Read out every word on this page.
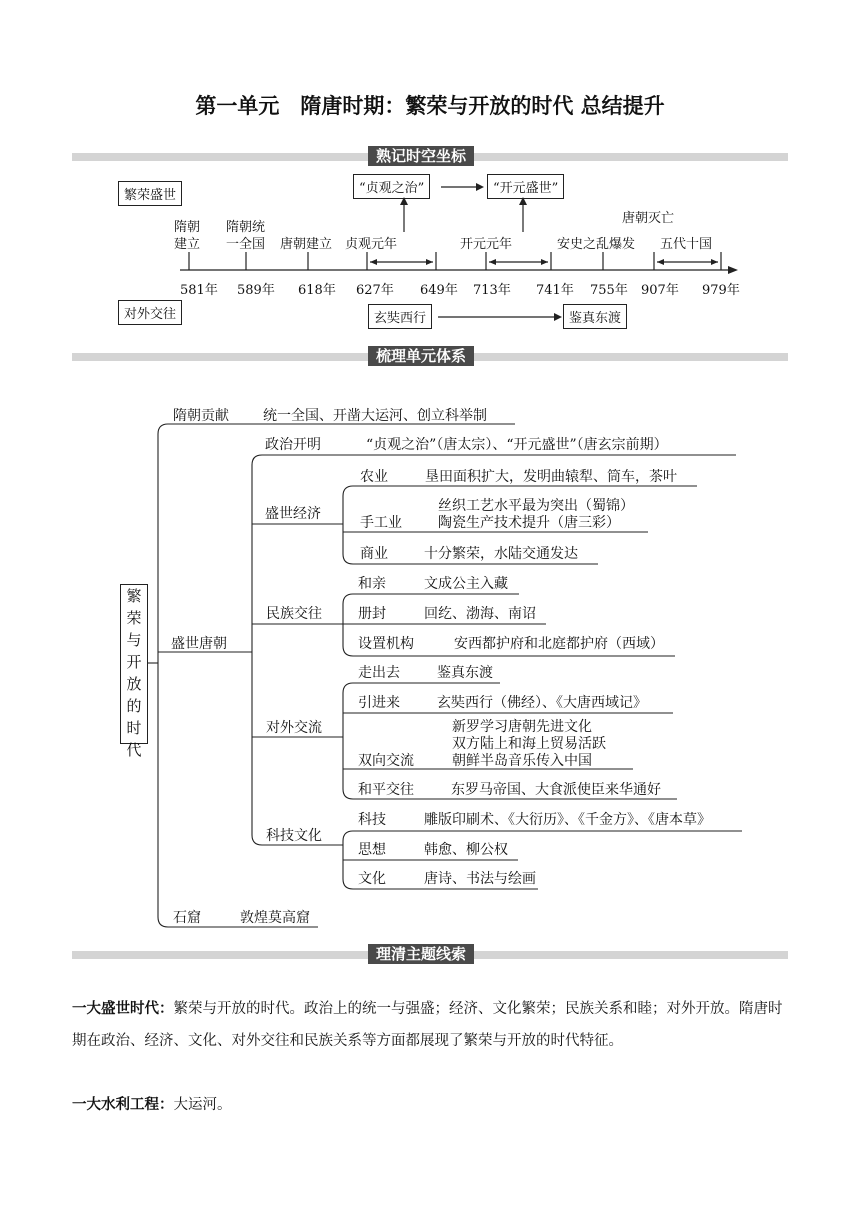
第一单元　隋唐时期：繁荣与开放的时代 总结提升
熟记时空坐标
繁荣盛世
对外交往
“贞观之治”	“开元盛世”
玄奘西行	鉴真东渡
隋朝
建立
隋朝统
一全国 唐朝建立 贞观元年	开元元年	安史之乱爆发
唐朝灭亡
五代十国
581年 589年 618年 627年 649年 713年 741年 755年 907年 979年
梳理单元体系
繁荣与开放的时代
隋朝贡献 统一全国、开凿大运河、创立科举制
盛世唐朝
石窟	敦煌莫高窟
政治开明	“贞观之治”（唐太宗）、“开元盛世”（唐玄宗前期）
盛世经济
民族交往
对外交流
科技文化
农业	垦田面积扩大，发明曲辕犁、筒车，茶叶
手工业
丝织工艺水平最为突出（蜀锦）
陶瓷生产技术提升（唐三彩）
商业	十分繁荣，水陆交通发达
和亲	文成公主入藏
册封	回纥、渤海、南诏
设置机构	安西都护府和北庭都护府（西域）
走出去	鉴真东渡
引进来	玄奘西行（佛经）、《大唐西域记》
双向交流
新罗学习唐朝先进文化
双方陆上和海上贸易活跃
朝鲜半岛音乐传入中国
和平交往	东罗马帝国、大食派使臣来华通好
科技	雕版印刷术、《大衍历》、《千金方》、《唐本草》
思想	韩愈、柳公权
文化	唐诗、书法与绘画
理清主题线索
一大盛世时代：繁荣与开放的时代。政治上的统一与强盛；经济、文化繁荣；民族关系和睦；对外开放。隋唐时期在政治、经济、文化、对外交往和民族关系等方面都展现了繁荣与开放的时代特征。
一大水利工程：大运河。
